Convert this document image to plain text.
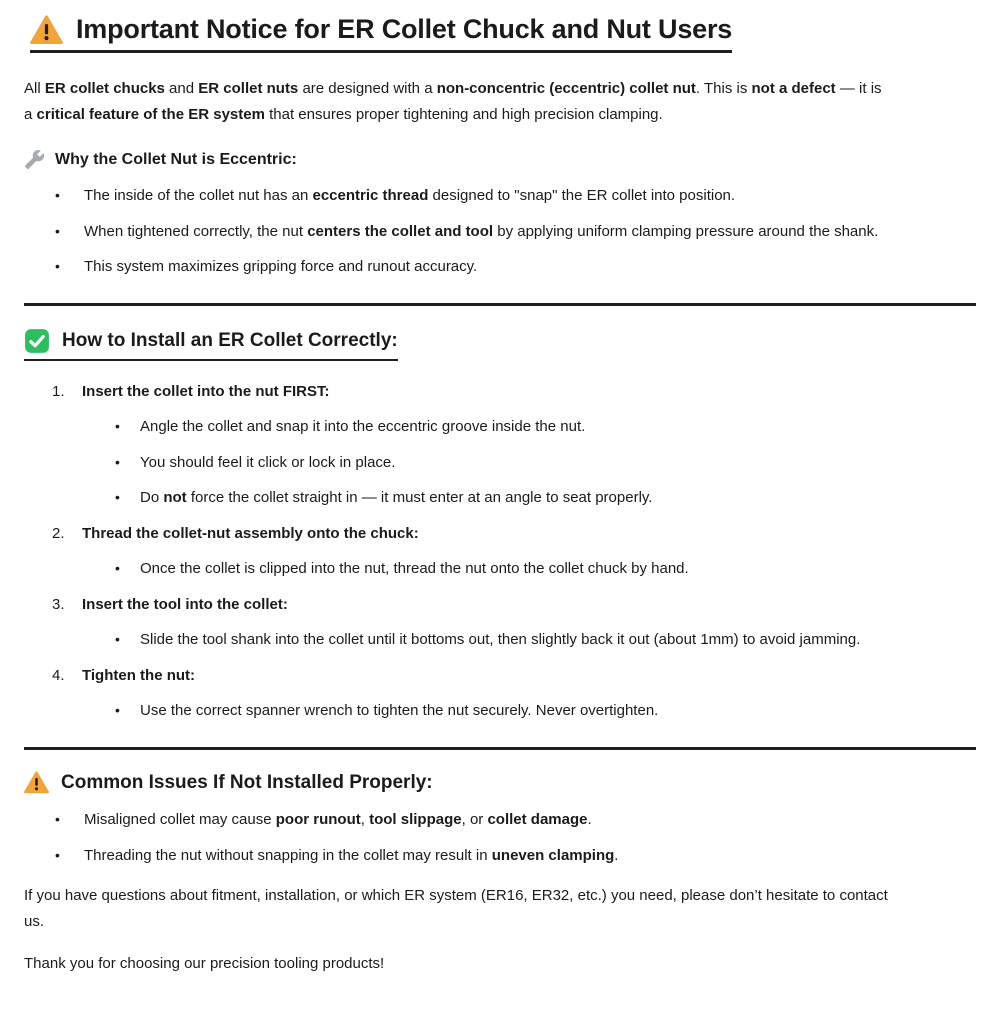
Important Notice for ER Collet Chuck and Nut Users

All ER collet chucks and ER collet nuts are designed with a non-concentric (eccentric) collet nut. This is not a defect — it is
a critical feature of the ER system that ensures proper tightening and high precision clamping.

Why the Collet Nut is Eccentric:
•	The inside of the collet nut has an eccentric thread designed to "snap" the ER collet into position.
•	When tightened correctly, the nut centers the collet and tool by applying uniform clamping pressure around the shank.
•	This system maximizes gripping force and runout accuracy.
How to Install an ER Collet Correctly:
1.	Insert the collet into the nut FIRST:
•	Angle the collet and snap it into the eccentric groove inside the nut.
•	You should feel it click or lock in place.
•	Do not force the collet straight in — it must enter at an angle to seat properly.
2.	Thread the collet-nut assembly onto the chuck:
•	Once the collet is clipped into the nut, thread the nut onto the collet chuck by hand.
3.	Insert the tool into the collet:
•	Slide the tool shank into the collet until it bottoms out, then slightly back it out (about 1mm) to avoid jamming.
4.	Tighten the nut:
•	Use the correct spanner wrench to tighten the nut securely. Never overtighten.
Common Issues If Not Installed Properly:
•	Misaligned collet may cause poor runout, tool slippage, or collet damage.
•	Threading the nut without snapping in the collet may result in uneven clamping.

If you have questions about fitment, installation, or which ER system (ER16, ER32, etc.) you need, please don’t hesitate to contact
us.

Thank you for choosing our precision tooling products!
